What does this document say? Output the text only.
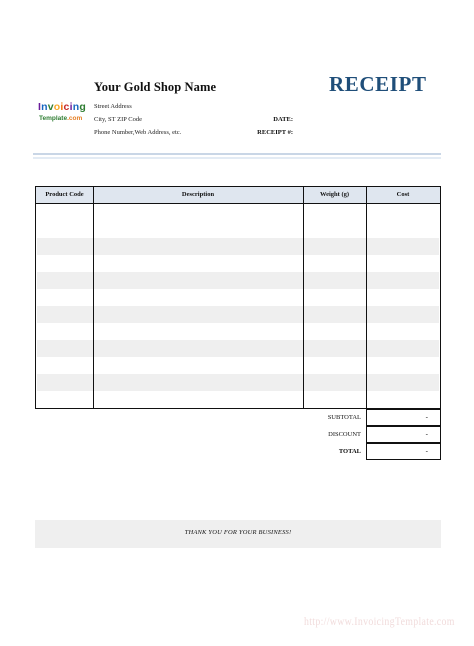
Your Gold Shop Name	RECEIPT
Invoicing
Template.com
Street Address
City, ST ZIP Code
Phone Number,Web Address, etc.
DATE:
RECEIPT #:
Product Code	Description	Weight (g)	Cost
SUBTOTAL	-
DISCOUNT	-
TOTAL	-
THANK YOU FOR YOUR BUSINESS!
http://www.InvoicingTemplate.com
